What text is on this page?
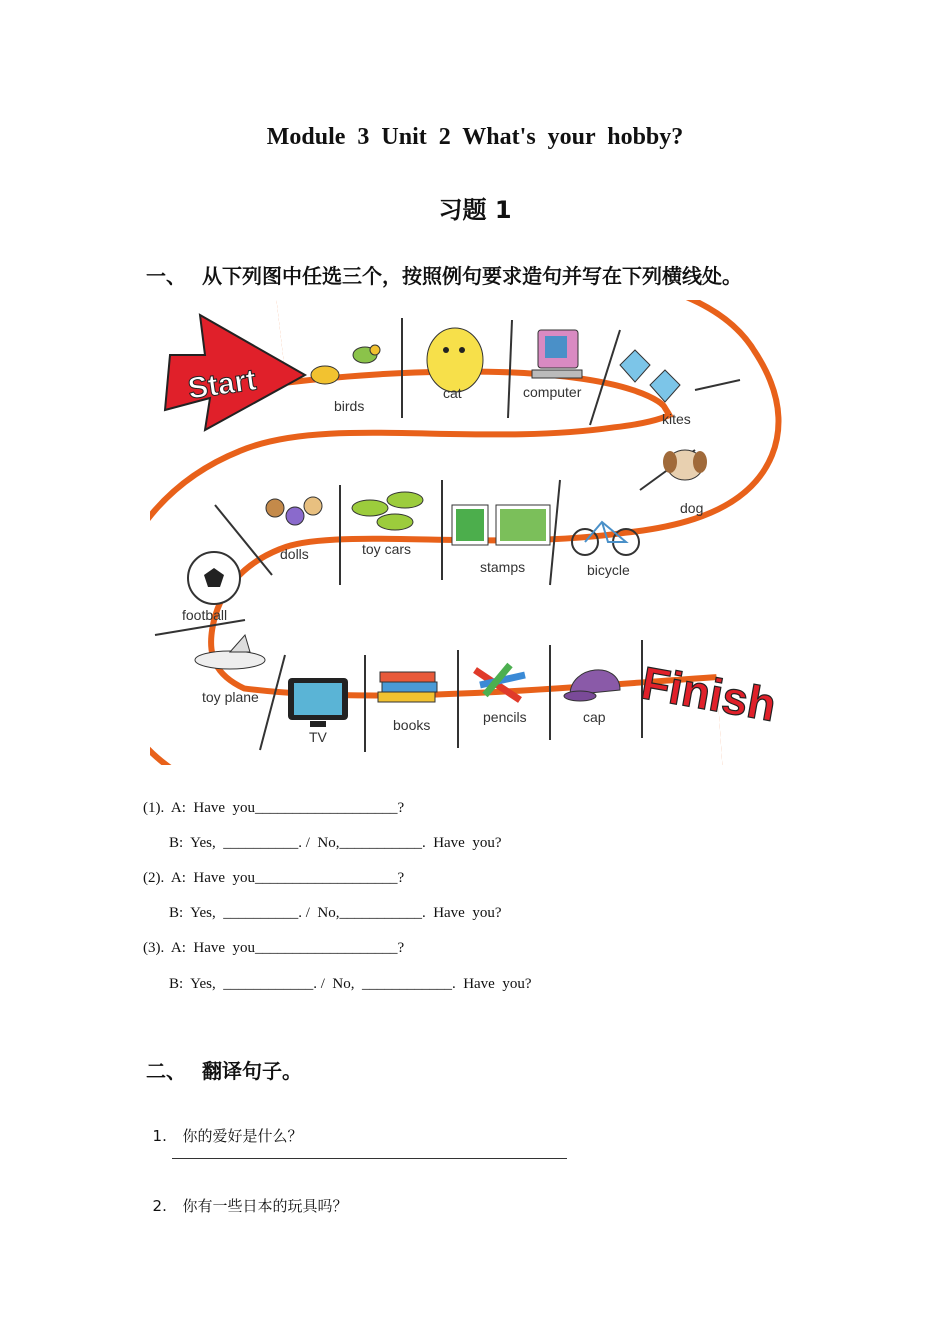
Module 3 Unit 2 What's your hobby?
习题 1
一、 从下列图中任选三个，按照例句要求造句并写在下列横线处。
Start
Finish
birds
cat	computer
kites
dog
bicycle
stamps
toy cars
dolls
football
toy plane
TV
books	pencils	cap
(1).  A:  Have  you___________________?
B:  Yes,  __________. /  No,___________.  Have  you?
(2).  A:  Have  you___________________?
B:  Yes,  __________. /  No,___________.  Have  you?
(3).  A:  Have  you___________________?
B:  Yes,  ____________. /  No,  ____________.  Have  you?
二、 翻译句子。

1. 你的爱好是什么？

2. 你有一些日本的玩具吗？
